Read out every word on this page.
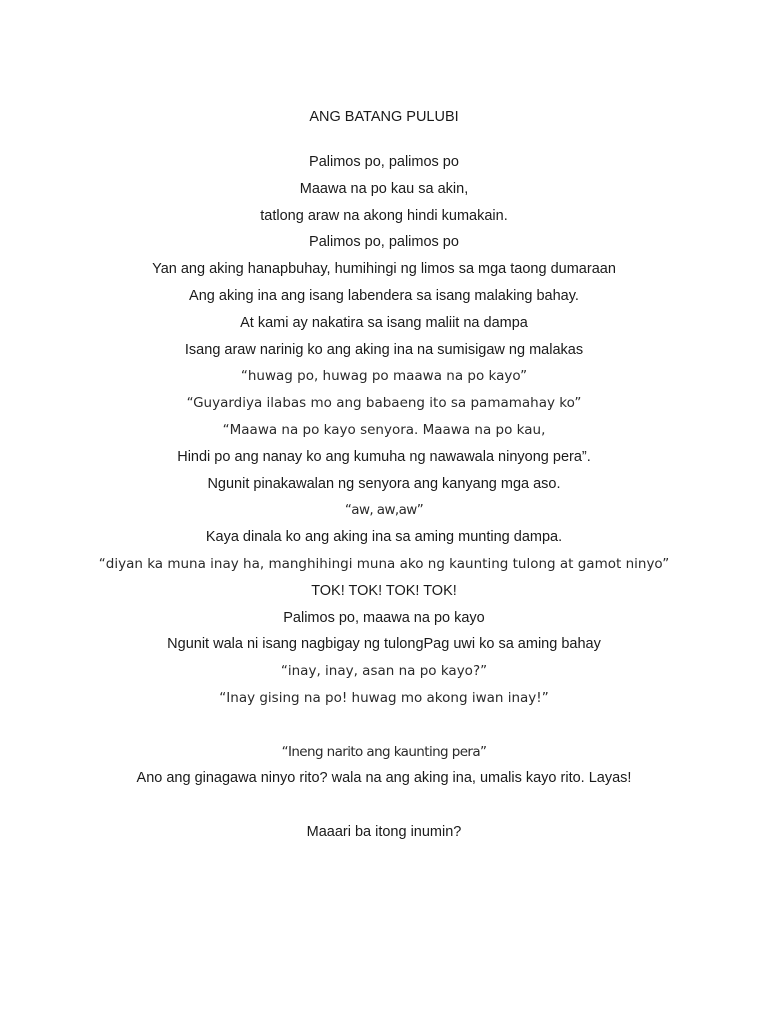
ANG BATANG PULUBI
Palimos po, palimos po
Maawa na po kau sa akin,
tatlong araw na akong hindi kumakain.
Palimos po, palimos po
Yan ang aking hanapbuhay, humihingi ng limos sa mga taong dumaraan
Ang aking ina ang isang labendera sa isang malaking bahay.
At kami ay nakatira sa isang maliit na dampa
Isang araw narinig ko ang aking ina na sumisigaw ng malakas
“huwag po, huwag po maawa na po kayo”
“Guyardiya ilabas mo ang babaeng ito sa pamamahay ko”
“Maawa na po kayo senyora. Maawa na po kau,
Hindi po ang nanay ko ang kumuha ng nawawala ninyong pera”.
Ngunit pinakawalan ng senyora ang kanyang mga aso.
“aw, aw,aw”
Kaya dinala ko ang aking ina sa aming munting dampa.
“diyan ka muna inay ha, manghihingi muna ako ng kaunting tulong at gamot ninyo”
TOK! TOK! TOK! TOK!
Palimos po, maawa na po kayo
Ngunit wala ni isang nagbigay ng tulongPag uwi ko sa aming bahay
“inay, inay, asan na po kayo?”
“Inay gising na po! huwag mo akong iwan inay!”
“Ineng narito ang kaunting pera”
Ano ang ginagawa ninyo rito? wala na ang aking ina, umalis kayo rito. Layas!
Maaari ba itong inumin?
